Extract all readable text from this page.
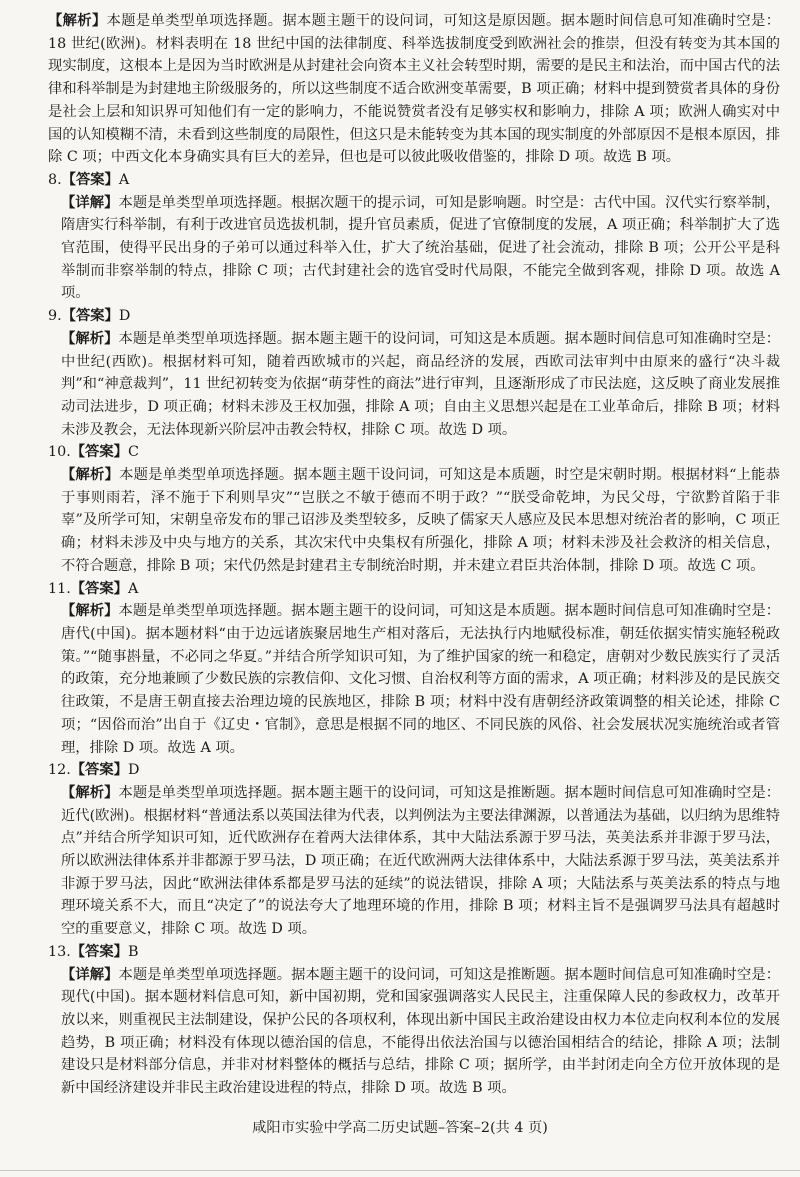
【解析】本题是单类型单项选择题。据本题主题干的设问词，可知这是原因题。据本题时间信息可知准确时空是：18 世纪(欧洲)。材料表明在 18 世纪中国的法律制度、科举选拔制度受到欧洲社会的推崇，但没有转变为其本国的现实制度，这根本上是因为当时欧洲是从封建社会向资本主义社会转型时期，需要的是民主和法治，而中国古代的法律和科举制是为封建地主阶级服务的，所以这些制度不适合欧洲变革需要，B 项正确；材料中提到赞赏者具体的身份是社会上层和知识界可知他们有一定的影响力，不能说赞赏者没有足够实权和影响力，排除 A 项；欧洲人确实对中国的认知模糊不清，未看到这些制度的局限性，但这只是未能转变为其本国的现实制度的外部原因不是根本原因，排除 C 项；中西文化本身确实具有巨大的差异，但也是可以彼此吸收借鉴的，排除 D 项。故选 B 项。

8.【答案】A

【详解】本题是单类型单项选择题。根据次题干的提示词，可知是影响题。时空是：古代中国。汉代实行察举制，隋唐实行科举制，有利于改进官员选拔机制，提升官员素质，促进了官僚制度的发展，A 项正确；科举制扩大了选官范围，使得平民出身的子弟可以通过科举入仕，扩大了统治基础，促进了社会流动，排除 B 项；公开公平是科举制而非察举制的特点，排除 C 项；古代封建社会的选官受时代局限，不能完全做到客观，排除 D 项。故选 A 项。

9.【答案】D

【解析】本题是单类型单项选择题。据本题主题干的设问词，可知这是本质题。据本题时间信息可知准确时空是：中世纪(西欧)。根据材料可知，随着西欧城市的兴起，商品经济的发展，西欧司法审判中由原来的盛行“决斗裁判”和“神意裁判”，11 世纪初转变为依据“萌芽性的商法”进行审判，且逐渐形成了市民法庭，这反映了商业发展推动司法进步，D 项正确；材料未涉及王权加强，排除 A 项；自由主义思想兴起是在工业革命后，排除 B 项；材料未涉及教会，无法体现新兴阶层冲击教会特权，排除 C 项。故选 D 项。

10.【答案】C

【解析】本题是单类型单项选择题。据本题主题干设问词，可知这是本质题，时空是宋朝时期。根据材料“上能恭于事则雨若，泽不施于下利则旱灾”“岂朕之不敏于德而不明于政？”“朕受命乾坤，为民父母，宁欲黔首陷于非辜”及所学可知，宋朝皇帝发布的罪己诏涉及类型较多，反映了儒家天人感应及民本思想对统治者的影响，C 项正确；材料未涉及中央与地方的关系，其次宋代中央集权有所强化，排除 A 项；材料未涉及社会救济的相关信息，不符合题意，排除 B 项；宋代仍然是封建君主专制统治时期，并未建立君臣共治体制，排除 D 项。故选 C 项。

11.【答案】A

【解析】本题是单类型单项选择题。据本题主题干的设问词，可知这是本质题。据本题时间信息可知准确时空是：唐代(中国)。据本题材料“由于边远诸族聚居地生产相对落后，无法执行内地赋役标准，朝廷依据实情实施轻税政策。”“随事斟量，不必同之华夏。”并结合所学知识可知，为了维护国家的统一和稳定，唐朝对少数民族实行了灵活的政策，充分地兼顾了少数民族的宗教信仰、文化习惯、自治权利等方面的需求，A 项正确；材料涉及的是民族交往政策，不是唐王朝直接去治理边境的民族地区，排除 B 项；材料中没有唐朝经济政策调整的相关论述，排除 C 项；“因俗而治”出自于《辽史・官制》，意思是根据不同的地区、不同民族的风俗、社会发展状况实施统治或者管理，排除 D 项。故选 A 项。

12.【答案】D

【解析】本题是单类型单项选择题。据本题主题干的设问词，可知这是推断题。据本题时间信息可知准确时空是：近代(欧洲)。根据材料“普通法系以英国法律为代表，以判例法为主要法律渊源，以普通法为基础，以归纳为思维特点”并结合所学知识可知，近代欧洲存在着两大法律体系，其中大陆法系源于罗马法，英美法系并非源于罗马法，所以欧洲法律体系并非都源于罗马法，D 项正确；在近代欧洲两大法律体系中，大陆法系源于罗马法，英美法系并非源于罗马法，因此“欧洲法律体系都是罗马法的延续”的说法错误，排除 A 项；大陆法系与英美法系的特点与地理环境关系不大，而且“决定了”的说法夸大了地理环境的作用，排除 B 项；材料主旨不是强调罗马法具有超越时空的重要意义，排除 C 项。故选 D 项。

13.【答案】B

【详解】本题是单类型单项选择题。据本题主题干的设问词，可知这是推断题。据本题时间信息可知准确时空是：现代(中国)。据本题材料信息可知，新中国初期，党和国家强调落实人民民主，注重保障人民的参政权力，改革开放以来，则重视民主法制建设，保护公民的各项权利，体现出新中国民主政治建设由权力本位走向权利本位的发展趋势，B 项正确；材料没有体现以德治国的信息，不能得出依法治国与以德治国相结合的结论，排除 A 项；法制建设只是材料部分信息，并非对材料整体的概括与总结，排除 C 项；据所学，由半封闭走向全方位开放体现的是新中国经济建设并非民主政治建设进程的特点，排除 D 项。故选 B 项。

咸阳市实验中学高二历史试题–答案–2(共 4 页)
